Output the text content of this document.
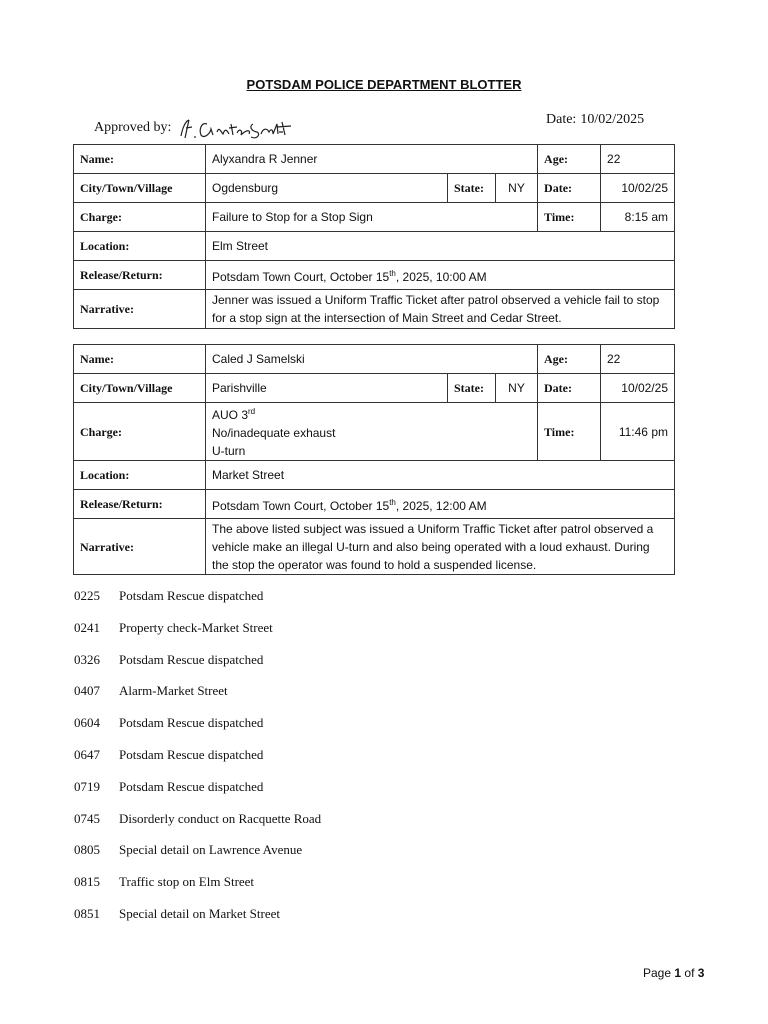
POTSDAM POLICE DEPARTMENT BLOTTER
Approved by:
Date: 10/02/2025
Name:	Alyxandra R Jenner			Age:	22
City/Town/Village	Ogdensburg	State:	NY	Date:	10/02/25
Charge:	Failure to Stop for a Stop Sign			Time:	8:15 am
Location:	Elm Street				
Release/Return:	Potsdam Town Court, October 15th, 2025, 10:00 AM				
Narrative:	Jenner was issued a Uniform Traffic Ticket after patrol observed a vehicle fail to stop for a stop sign at the intersection of Main Street and Cedar Street.				
Name:	Caled J Samelski			Age:	22
City/Town/Village	Parishville	State:	NY	Date:	10/02/25
Charge:	AUO 3rd
No/inadequate exhaust
U-turn			Time:	11:46 pm
Location:	Market Street				
Release/Return:	Potsdam Town Court, October 15th, 2025, 12:00 AM				
Narrative:	The above listed subject was issued a Uniform Traffic Ticket after patrol observed a vehicle make an illegal U-turn and also being operated with a loud exhaust. During the stop the operator was found to hold a suspended license.				
0225	Potsdam Rescue dispatched
0241	Property check-Market Street
0326	Potsdam Rescue dispatched
0407	Alarm-Market Street
0604	Potsdam Rescue dispatched
0647	Potsdam Rescue dispatched
0719	Potsdam Rescue dispatched
0745	Disorderly conduct on Racquette Road
0805	Special detail on Lawrence Avenue
0815	Traffic stop on Elm Street
0851	Special detail on Market Street
Page 1 of 3
